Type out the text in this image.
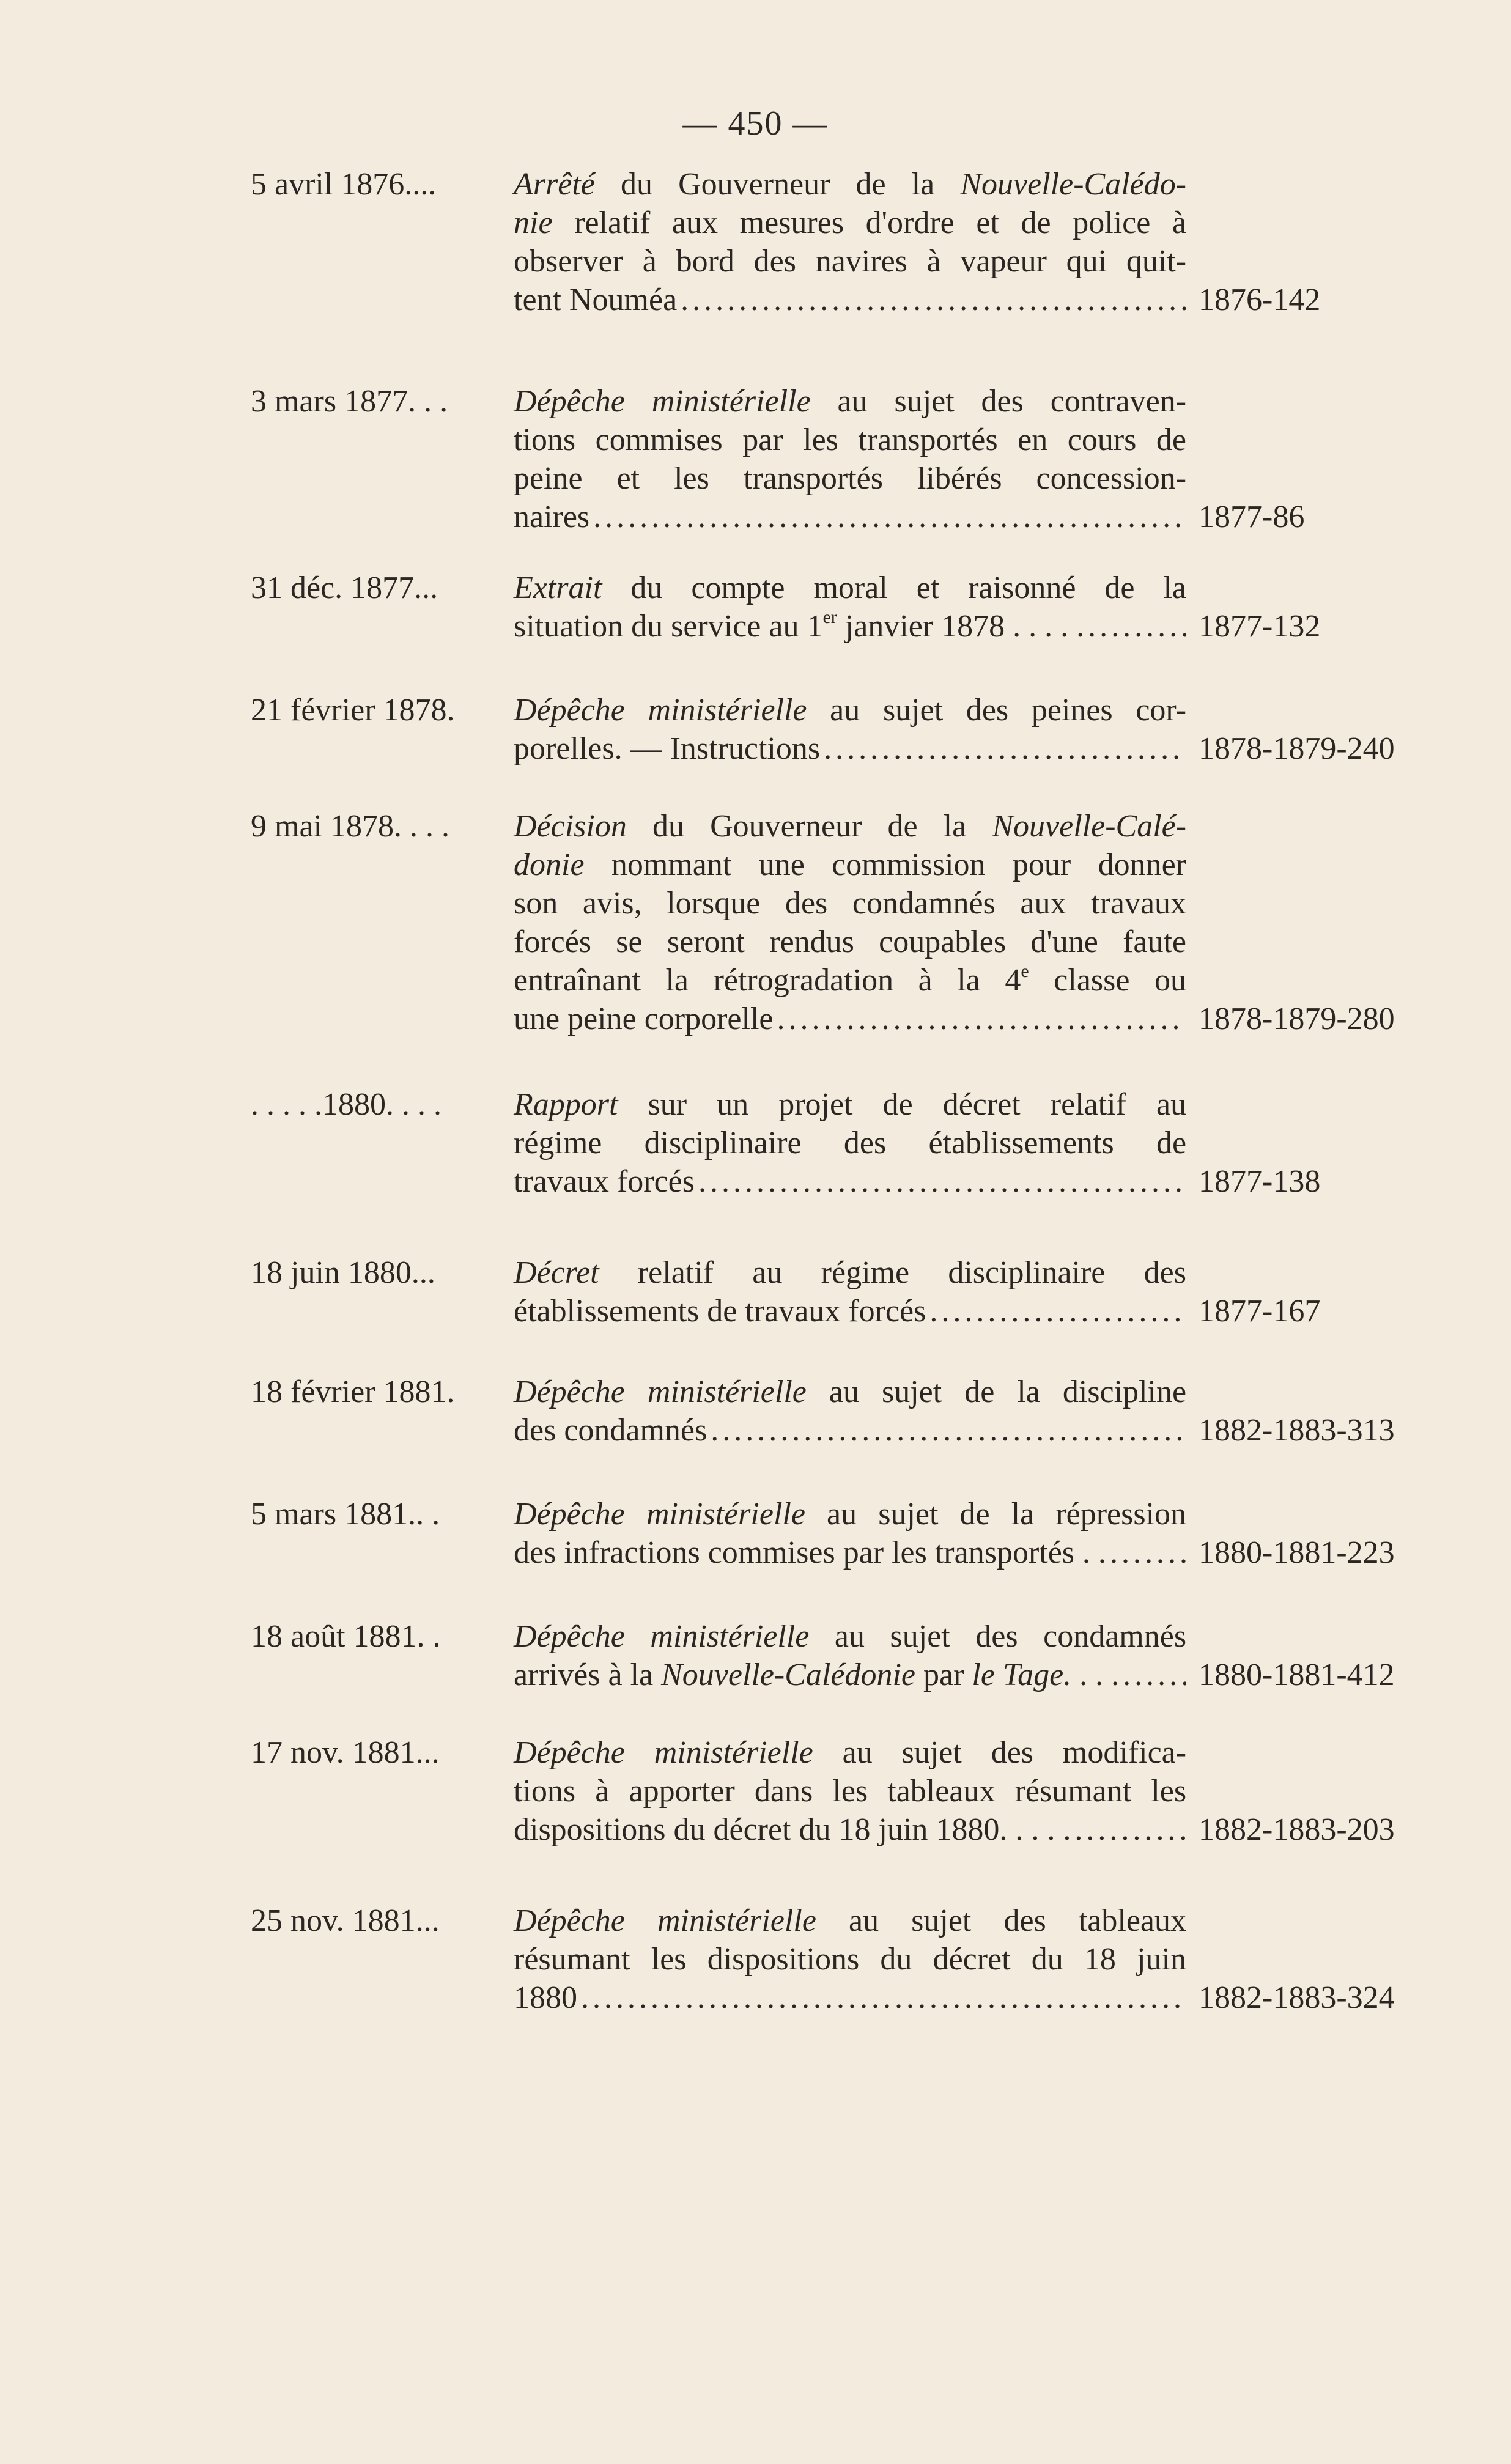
— 450 —
5 avril 1876.... Arrêté du Gouverneur de la Nouvelle-Calédo-
nie relatif aux mesures d'ordre et de police à
observer à bord des navires à vapeur qui quit-
tent Nouméa .....	1876-142
3 mars 1877. . . Dépêche ministérielle au sujet des contraven-
tions commises par les transportés en cours de
peine et les transportés libérés concession-
naires .....	1877-86
31 déc. 1877... Extrait du compte moral et raisonné de la
situation du service au 1er janvier 1878 . . . . . .....	1877-132
21 février 1878. Dépêche ministérielle au sujet des peines cor-
porelles. — Instructions .....	1878-1879-240
9 mai 1878. . . . Décision du Gouverneur de la Nouvelle-Calé-
donie nommant une commission pour donner
son avis, lorsque des condamnés aux travaux
forcés se seront rendus coupables d'une faute
entraînant la rétrogradation à la 4e classe ou
une peine corporelle .....	1878-1879-280
. . . . .1880. . . . Rapport sur un projet de décret relatif au
régime disciplinaire des établissements de
travaux forcés .....	1877-138
18 juin 1880... Décret relatif au régime disciplinaire des
établissements de travaux forcés .....	1877-167
18 février 1881. Dépêche ministérielle au sujet de la discipline
des condamnés .....	1882-1883-313
5 mars 1881.. . Dépêche ministérielle au sujet de la répression
des infractions commises par les transportés . . .....	1880-1881-223
18 août 1881. . Dépêche ministérielle au sujet des condamnés
arrivés à la Nouvelle-Calédonie par le Tage. . . . ..... 1880-1881-412
17 nov. 1881... Dépêche ministérielle au sujet des modifica-
tions à apporter dans les tableaux résumant les
dispositions du décret du 18 juin 1880. . . . . .....	1882-1883-203
25 nov. 1881... Dépêche ministérielle au sujet des tableaux
résumant les dispositions du décret du 18 juin
1880 .....	1882-1883-324
